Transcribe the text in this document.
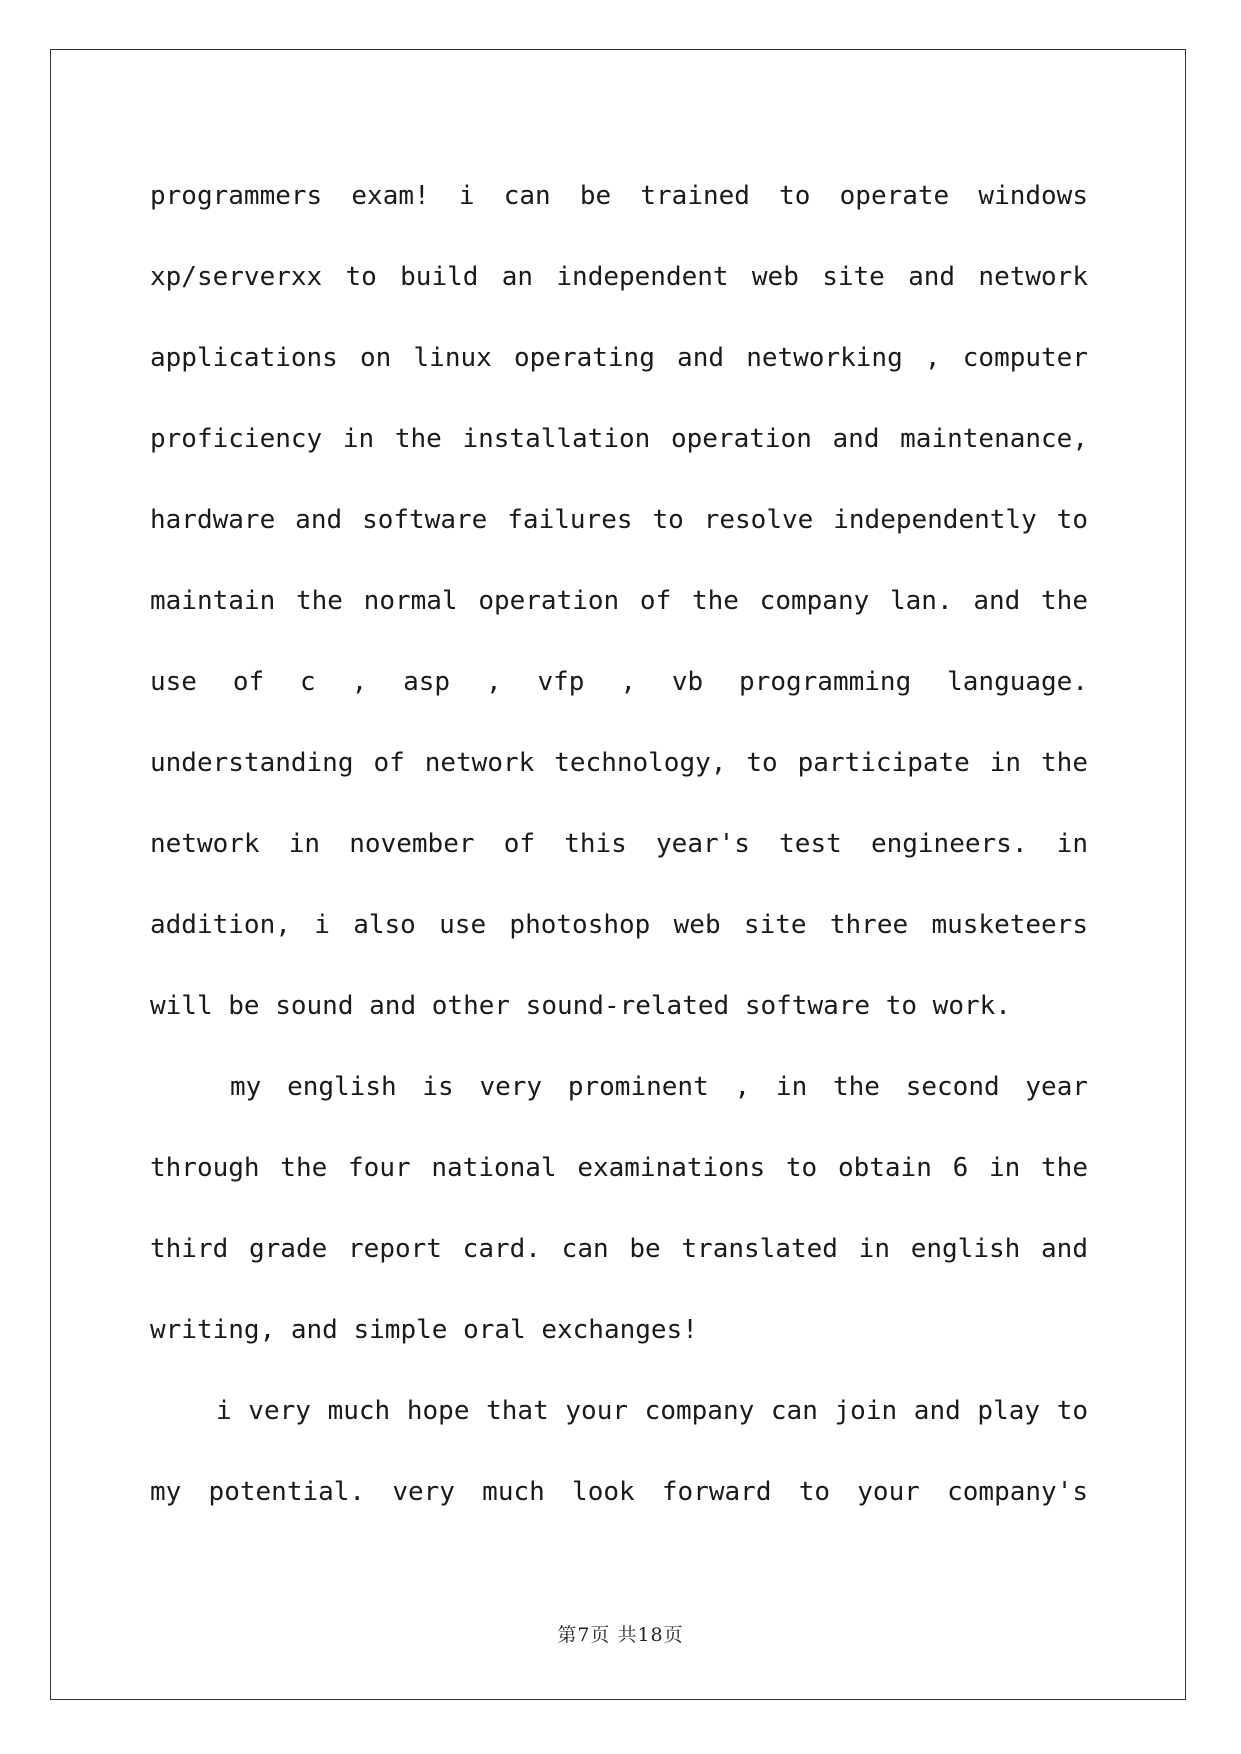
programmers exam! i can be trained to operate windows
xp/serverxx to build an independent web site and network
applications on linux operating and networking , computer
proficiency in the installation operation and maintenance,
hardware and software failures to resolve independently to
maintain the normal operation of the company lan. and the
use of c , asp , vfp , vb programming language.
understanding of network technology, to participate in the
network in november of this year's test engineers. in
addition, i also use photoshop web site three musketeers
will be sound and other sound-related software to work.
my english is very prominent , in the second year
through the four national examinations to obtain 6 in the
third grade report card. can be translated in english and
writing, and simple oral exchanges!
i very much hope that your company can join and play to
my potential. very much look forward to your company's
第7页 共18页
